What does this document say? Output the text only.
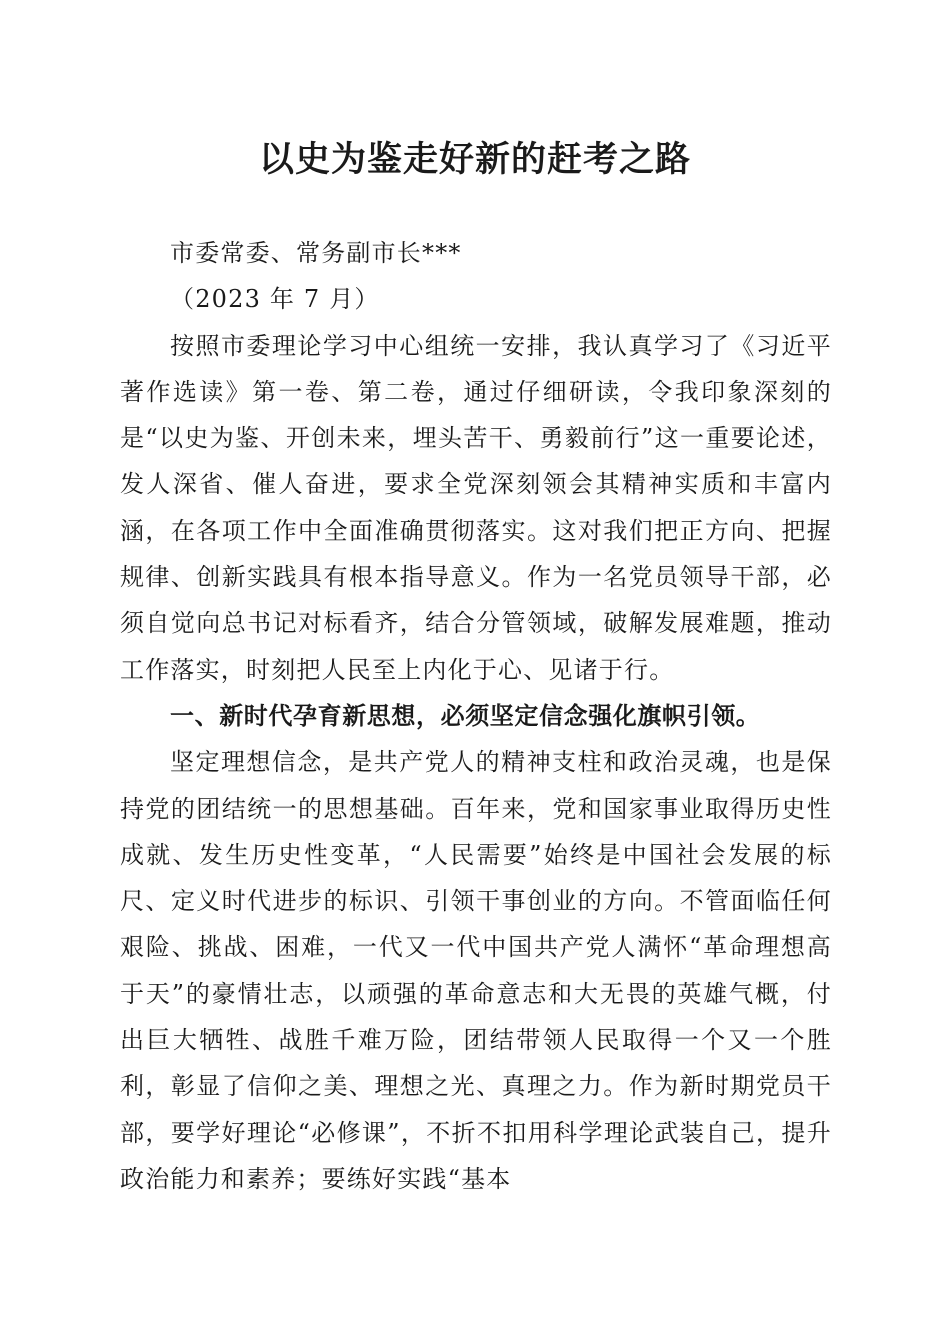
以史为鉴走好新的赶考之路

市委常委、常务副市长***

（2023 年 7 月）

按照市委理论学习中心组统一安排，我认真学习了《习近平著作选读》第一卷、第二卷，通过仔细研读，令我印象深刻的是“以史为鉴、开创未来，埋头苦干、勇毅前行”这一重要论述，发人深省、催人奋进，要求全党深刻领会其精神实质和丰富内涵，在各项工作中全面准确贯彻落实。这对我们把正方向、把握规律、创新实践具有根本指导意义。作为一名党员领导干部，必须自觉向总书记对标看齐，结合分管领域，破解发展难题，推动工作落实，时刻把人民至上内化于心、见诸于行。

一、新时代孕育新思想，必须坚定信念强化旗帜引领。

坚定理想信念，是共产党人的精神支柱和政治灵魂，也是保持党的团结统一的思想基础。百年来，党和国家事业取得历史性成就、发生历史性变革，“人民需要”始终是中国社会发展的标尺、定义时代进步的标识、引领干事创业的方向。不管面临任何艰险、挑战、困难，一代又一代中国共产党人满怀“革命理想高于天”的豪情壮志，以顽强的革命意志和大无畏的英雄气概，付出巨大牺牲、战胜千难万险，团结带领人民取得一个又一个胜利，彰显了信仰之美、理想之光、真理之力。作为新时期党员干部，要学好理论“必修课”，不折不扣用科学理论武装自己，提升政治能力和素养；要练好实践“基本
